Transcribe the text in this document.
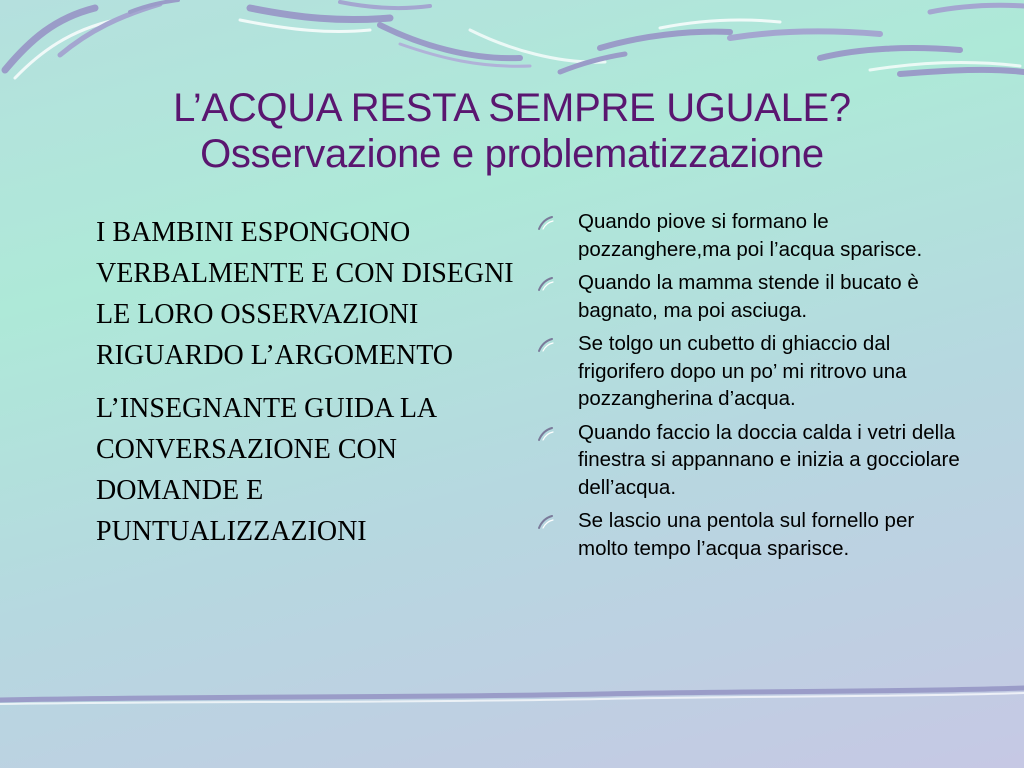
L’ACQUA RESTA SEMPRE UGUALE?
Osservazione e problematizzazione

I BAMBINI ESPONGONO VERBALMENTE E CON DISEGNI LE LORO OSSERVAZIONI RIGUARDO L’ARGOMENTO

L’INSEGNANTE GUIDA LA CONVERSAZIONE CON DOMANDE E PUNTUALIZZAZIONI

Quando piove si formano le pozzanghere,ma poi l’acqua sparisce.
Quando la mamma stende il bucato è bagnato, ma poi asciuga.
Se tolgo un cubetto di ghiaccio dal frigorifero dopo un po’ mi ritrovo una pozzangherina d’acqua.
Quando faccio la doccia calda i vetri della finestra si appannano e inizia a gocciolare dell’acqua.
Se lascio una pentola sul fornello per molto tempo l’acqua sparisce.
